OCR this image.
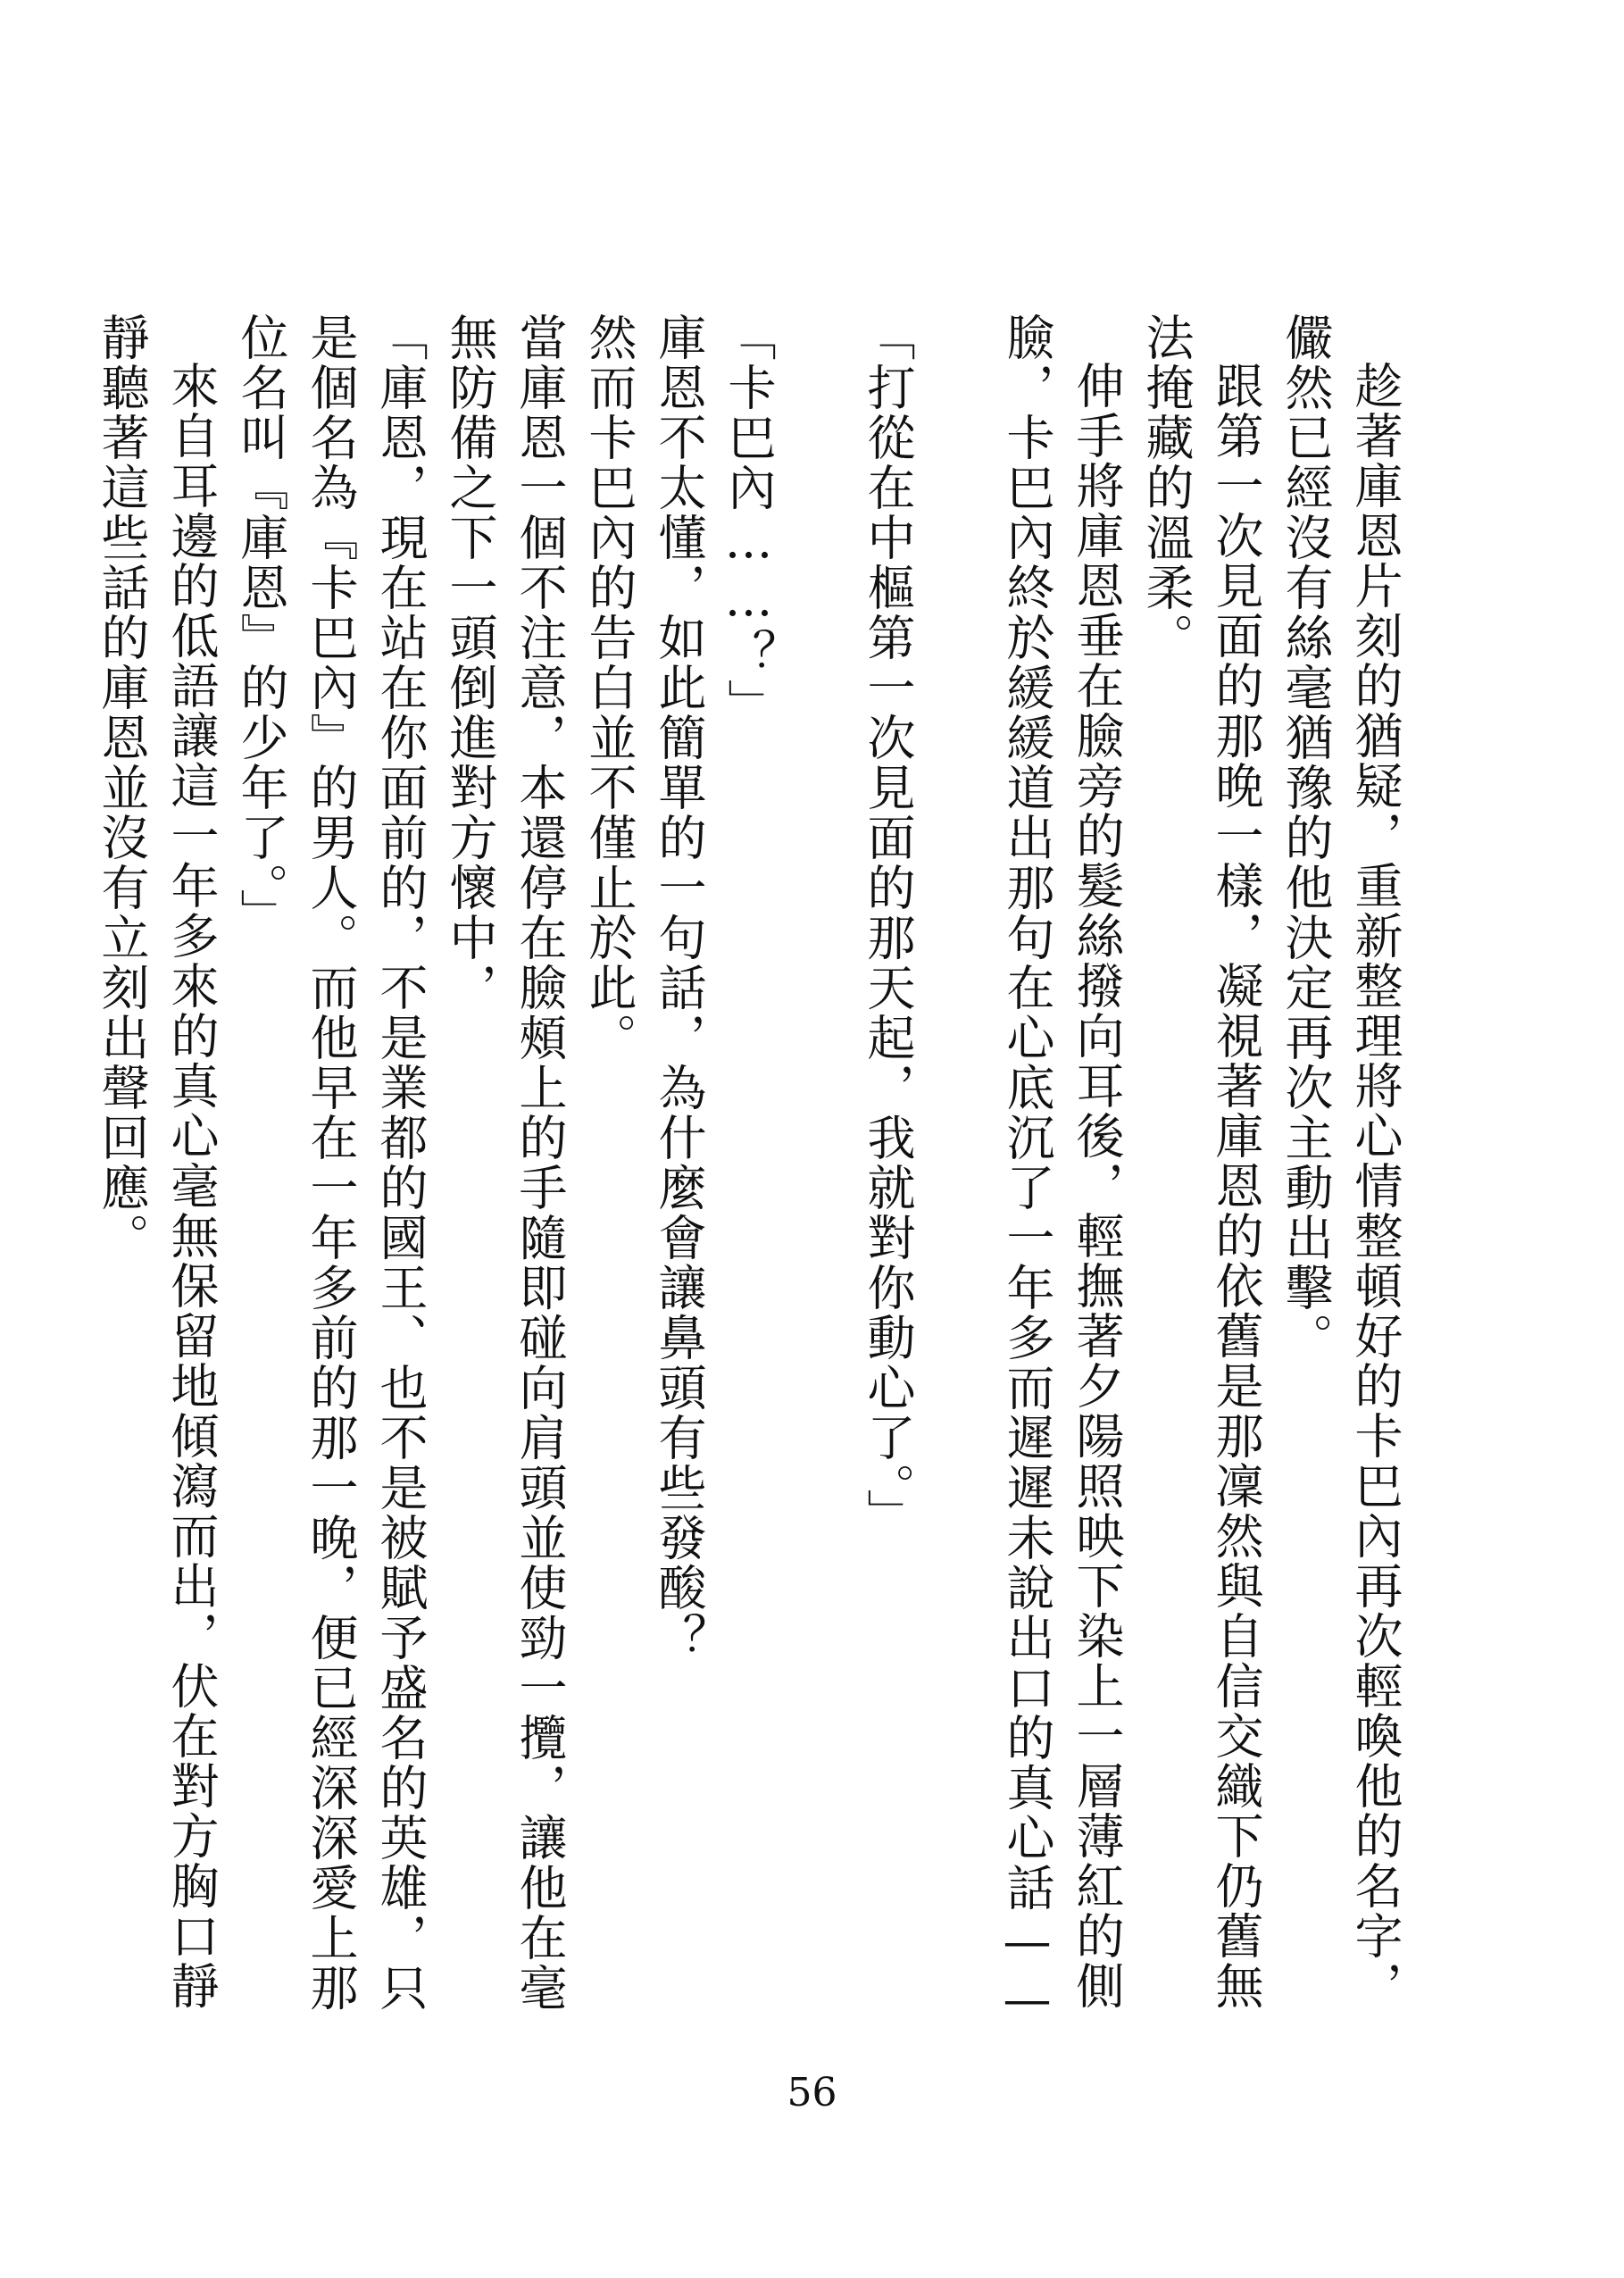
趁著庫恩片刻的猶疑，重新整理將心情整頓好的卡巴內再次輕喚他的名字，儼然已經沒有絲毫猶豫的他決定再次主動出擊。

跟第一次見面的那晚一樣，凝視著庫恩的依舊是那凜然與自信交織下仍舊無法掩藏的溫柔。

伸手將庫恩垂在臉旁的髮絲撥向耳後，輕撫著夕陽照映下染上一層薄紅的側臉，卡巴內終於緩緩道出那句在心底沉了一年多而遲遲未說出口的真心話——

「打從在中樞第一次見面的那天起，我就對你動心了。」

「卡巴內……？」

庫恩不太懂，如此簡單的一句話，為什麼會讓鼻頭有些發酸？

然而卡巴內的告白並不僅止於此。

當庫恩一個不注意，本還停在臉頰上的手隨即碰向肩頭並使勁一攬，讓他在毫無防備之下一頭倒進對方懷中，

「庫恩，現在站在你面前的，不是業都的國王、也不是被賦予盛名的英雄，只是個名為『卡巴內』的男人。而他早在一年多前的那一晚，便已經深深愛上那位名叫『庫恩』的少年了。」

來自耳邊的低語讓這一年多來的真心毫無保留地傾瀉而出，伏在對方胸口靜靜聽著這些話的庫恩並沒有立刻出聲回應。

56
